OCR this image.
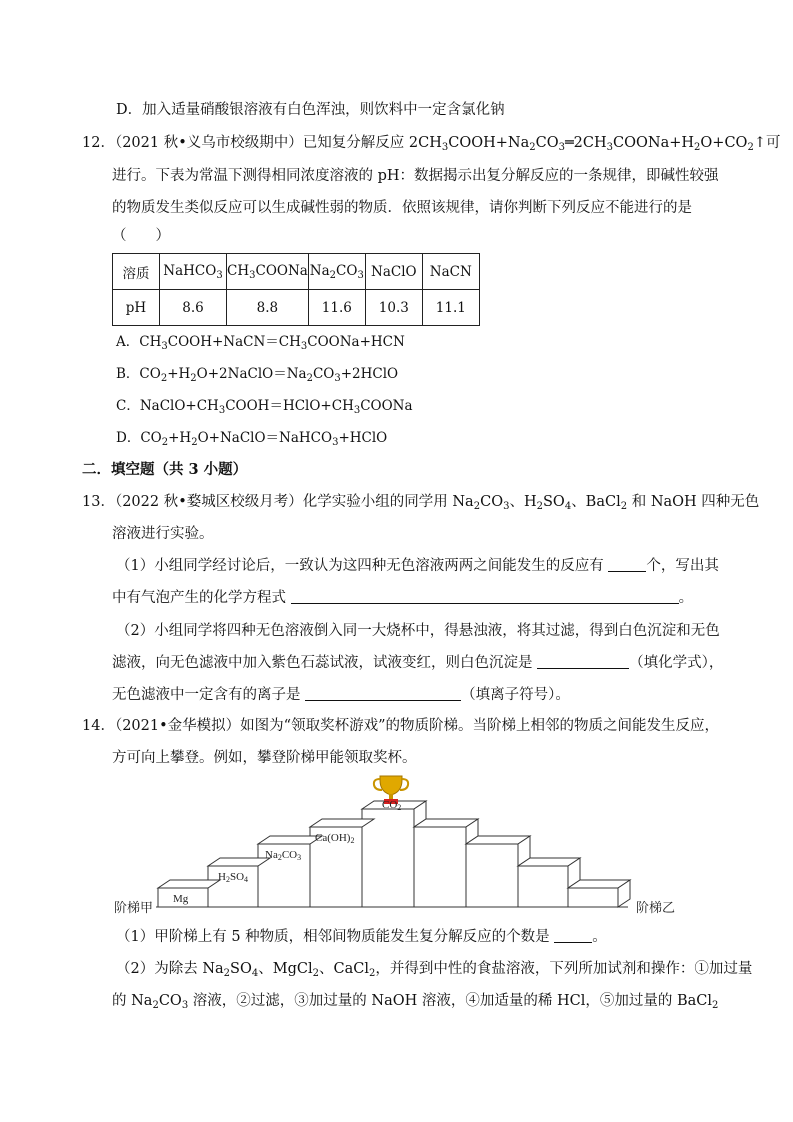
D．加入适量硝酸银溶液有白色浑浊，则饮料中一定含氯化钠
12．（2021 秋•义乌市校级期中）已知复分解反应 $2CH_3COOH+Na_2CO_3═2CH_3COONa+H_2O+CO_2↑$可
进行。下表为常温下测得相同浓度溶液的 pH：数据揭示出复分解反应的一条规律，即碱性较强
的物质发生类似反应可以生成碱性弱的物质．依照该规律，请你判断下列反应不能进行的是
（　　）
溶质	NaHCO$_3$	$CH_3COONa$	$Na_2CO_3$	NaClO	NaCN
pH	8.6	8.8	11.6	10.3	11.1
A．$CH_3COOH+NaCN=CH_3COONa+HCN$
B．$CO_2+H_2O+2NaClO=Na_2CO_3+2HClO$
C．$NaClO+CH_3COOH=HClO+CH_3COONa$
D．$CO_2+H_2O+NaClO=NaHCO_3+HClO$
二．填空题（共 3 小题）
13．（2022 秋•婺城区校级月考）化学实验小组的同学用 $Na_2CO_3$、$H_2SO_4$、BaCl$_2$ 和 NaOH 四种无色
溶液进行实验。
（1）小组同学经讨论后，一致认为这四种无色溶液两两之间能发生的反应有	个，写出其
中有气泡产生的化学方程式	。
（2）小组同学将四种无色溶液倒入同一大烧杯中，得悬浊液，将其过滤，得到白色沉淀和无色
滤液，向无色滤液中加入紫色石蕊试液，试液变红，则白色沉淀是	（填化学式），
无色滤液中一定含有的离子是	（填离子符号）。
14．（2021•金华模拟）如图为“领取奖杯游戏”的物质阶梯。当阶梯上相邻的物质之间能发生反应，
方可向上攀登。例如，攀登阶梯甲能领取奖杯。
阶梯甲	阶梯乙
Mg
H2SO4
Na2CO3
Ca(OH)2
CO2
（1）甲阶梯上有 5 种物质，相邻间物质能发生复分解反应的个数是	。
（2）为除去 $Na_2SO_4$、MgCl$_2$、CaCl$_2$，并得到中性的食盐溶液，下列所加试剂和操作：①加过量
的 $Na_2CO_3$ 溶液，②过滤，③加过量的 NaOH 溶液，④加适量的稀 HCl，⑤加过量的 BaCl$_2$
